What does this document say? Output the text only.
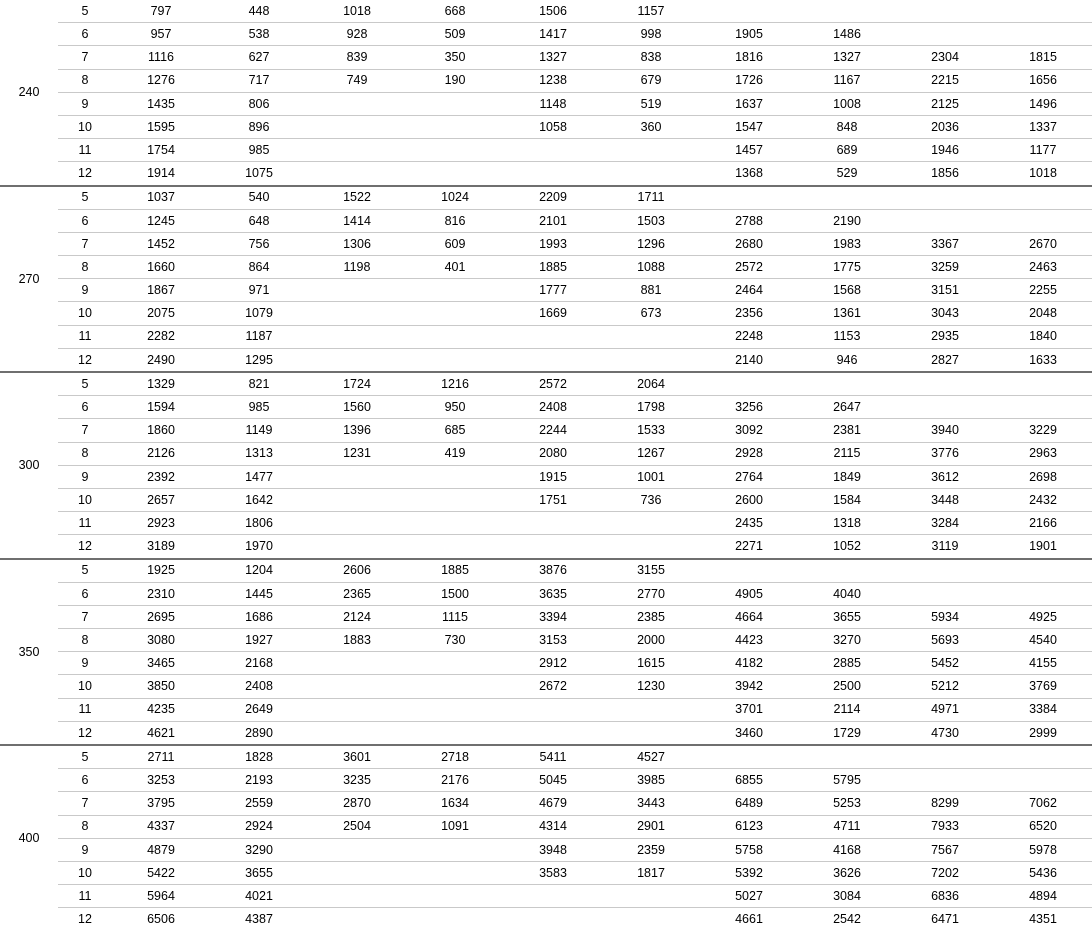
240	5	797	448	1018	668	1506	1157						
	6	957	538	928	509	1417	998	1905	1486				
	7	1116	627	839	350	1327	838	1816	1327	2304	1815		
	8	1276	717	749	190	1238	679	1726	1167	2215	1656		
	9	1435	806			1148	519	1637	1008	2125	1496		
	10	1595	896			1058	360	1547	848	2036	1337		
	11	1754	985					1457	689	1946	1177		
	12	1914	1075					1368	529	1856	1018		
270	5	1037	540	1522	1024	2209	1711						
	6	1245	648	1414	816	2101	1503	2788	2190				
	7	1452	756	1306	609	1993	1296	2680	1983	3367	2670		
	8	1660	864	1198	401	1885	1088	2572	1775	3259	2463		
	9	1867	971			1777	881	2464	1568	3151	2255		
	10	2075	1079			1669	673	2356	1361	3043	2048		
	11	2282	1187					2248	1153	2935	1840		
	12	2490	1295					2140	946	2827	1633		
300	5	1329	821	1724	1216	2572	2064						
	6	1594	985	1560	950	2408	1798	3256	2647				
	7	1860	1149	1396	685	2244	1533	3092	2381	3940	3229		
	8	2126	1313	1231	419	2080	1267	2928	2115	3776	2963		
	9	2392	1477			1915	1001	2764	1849	3612	2698		
	10	2657	1642			1751	736	2600	1584	3448	2432		
	11	2923	1806					2435	1318	3284	2166		
	12	3189	1970					2271	1052	3119	1901		
350	5	1925	1204	2606	1885	3876	3155						
	6	2310	1445	2365	1500	3635	2770	4905	4040				
	7	2695	1686	2124	1115	3394	2385	4664	3655	5934	4925		
	8	3080	1927	1883	730	3153	2000	4423	3270	5693	4540		
	9	3465	2168			2912	1615	4182	2885	5452	4155		
	10	3850	2408			2672	1230	3942	2500	5212	3769		
	11	4235	2649					3701	2114	4971	3384		
	12	4621	2890					3460	1729	4730	2999		
400	5	2711	1828	3601	2718	5411	4527						
	6	3253	2193	3235	2176	5045	3985	6855	5795				
	7	3795	2559	2870	1634	4679	3443	6489	5253	8299	7062		
	8	4337	2924	2504	1091	4314	2901	6123	4711	7933	6520		
	9	4879	3290			3948	2359	5758	4168	7567	5978		
	10	5422	3655			3583	1817	5392	3626	7202	5436		
	11	5964	4021					5027	3084	6836	4894		
	12	6506	4387					4661	2542	6471	4351		
